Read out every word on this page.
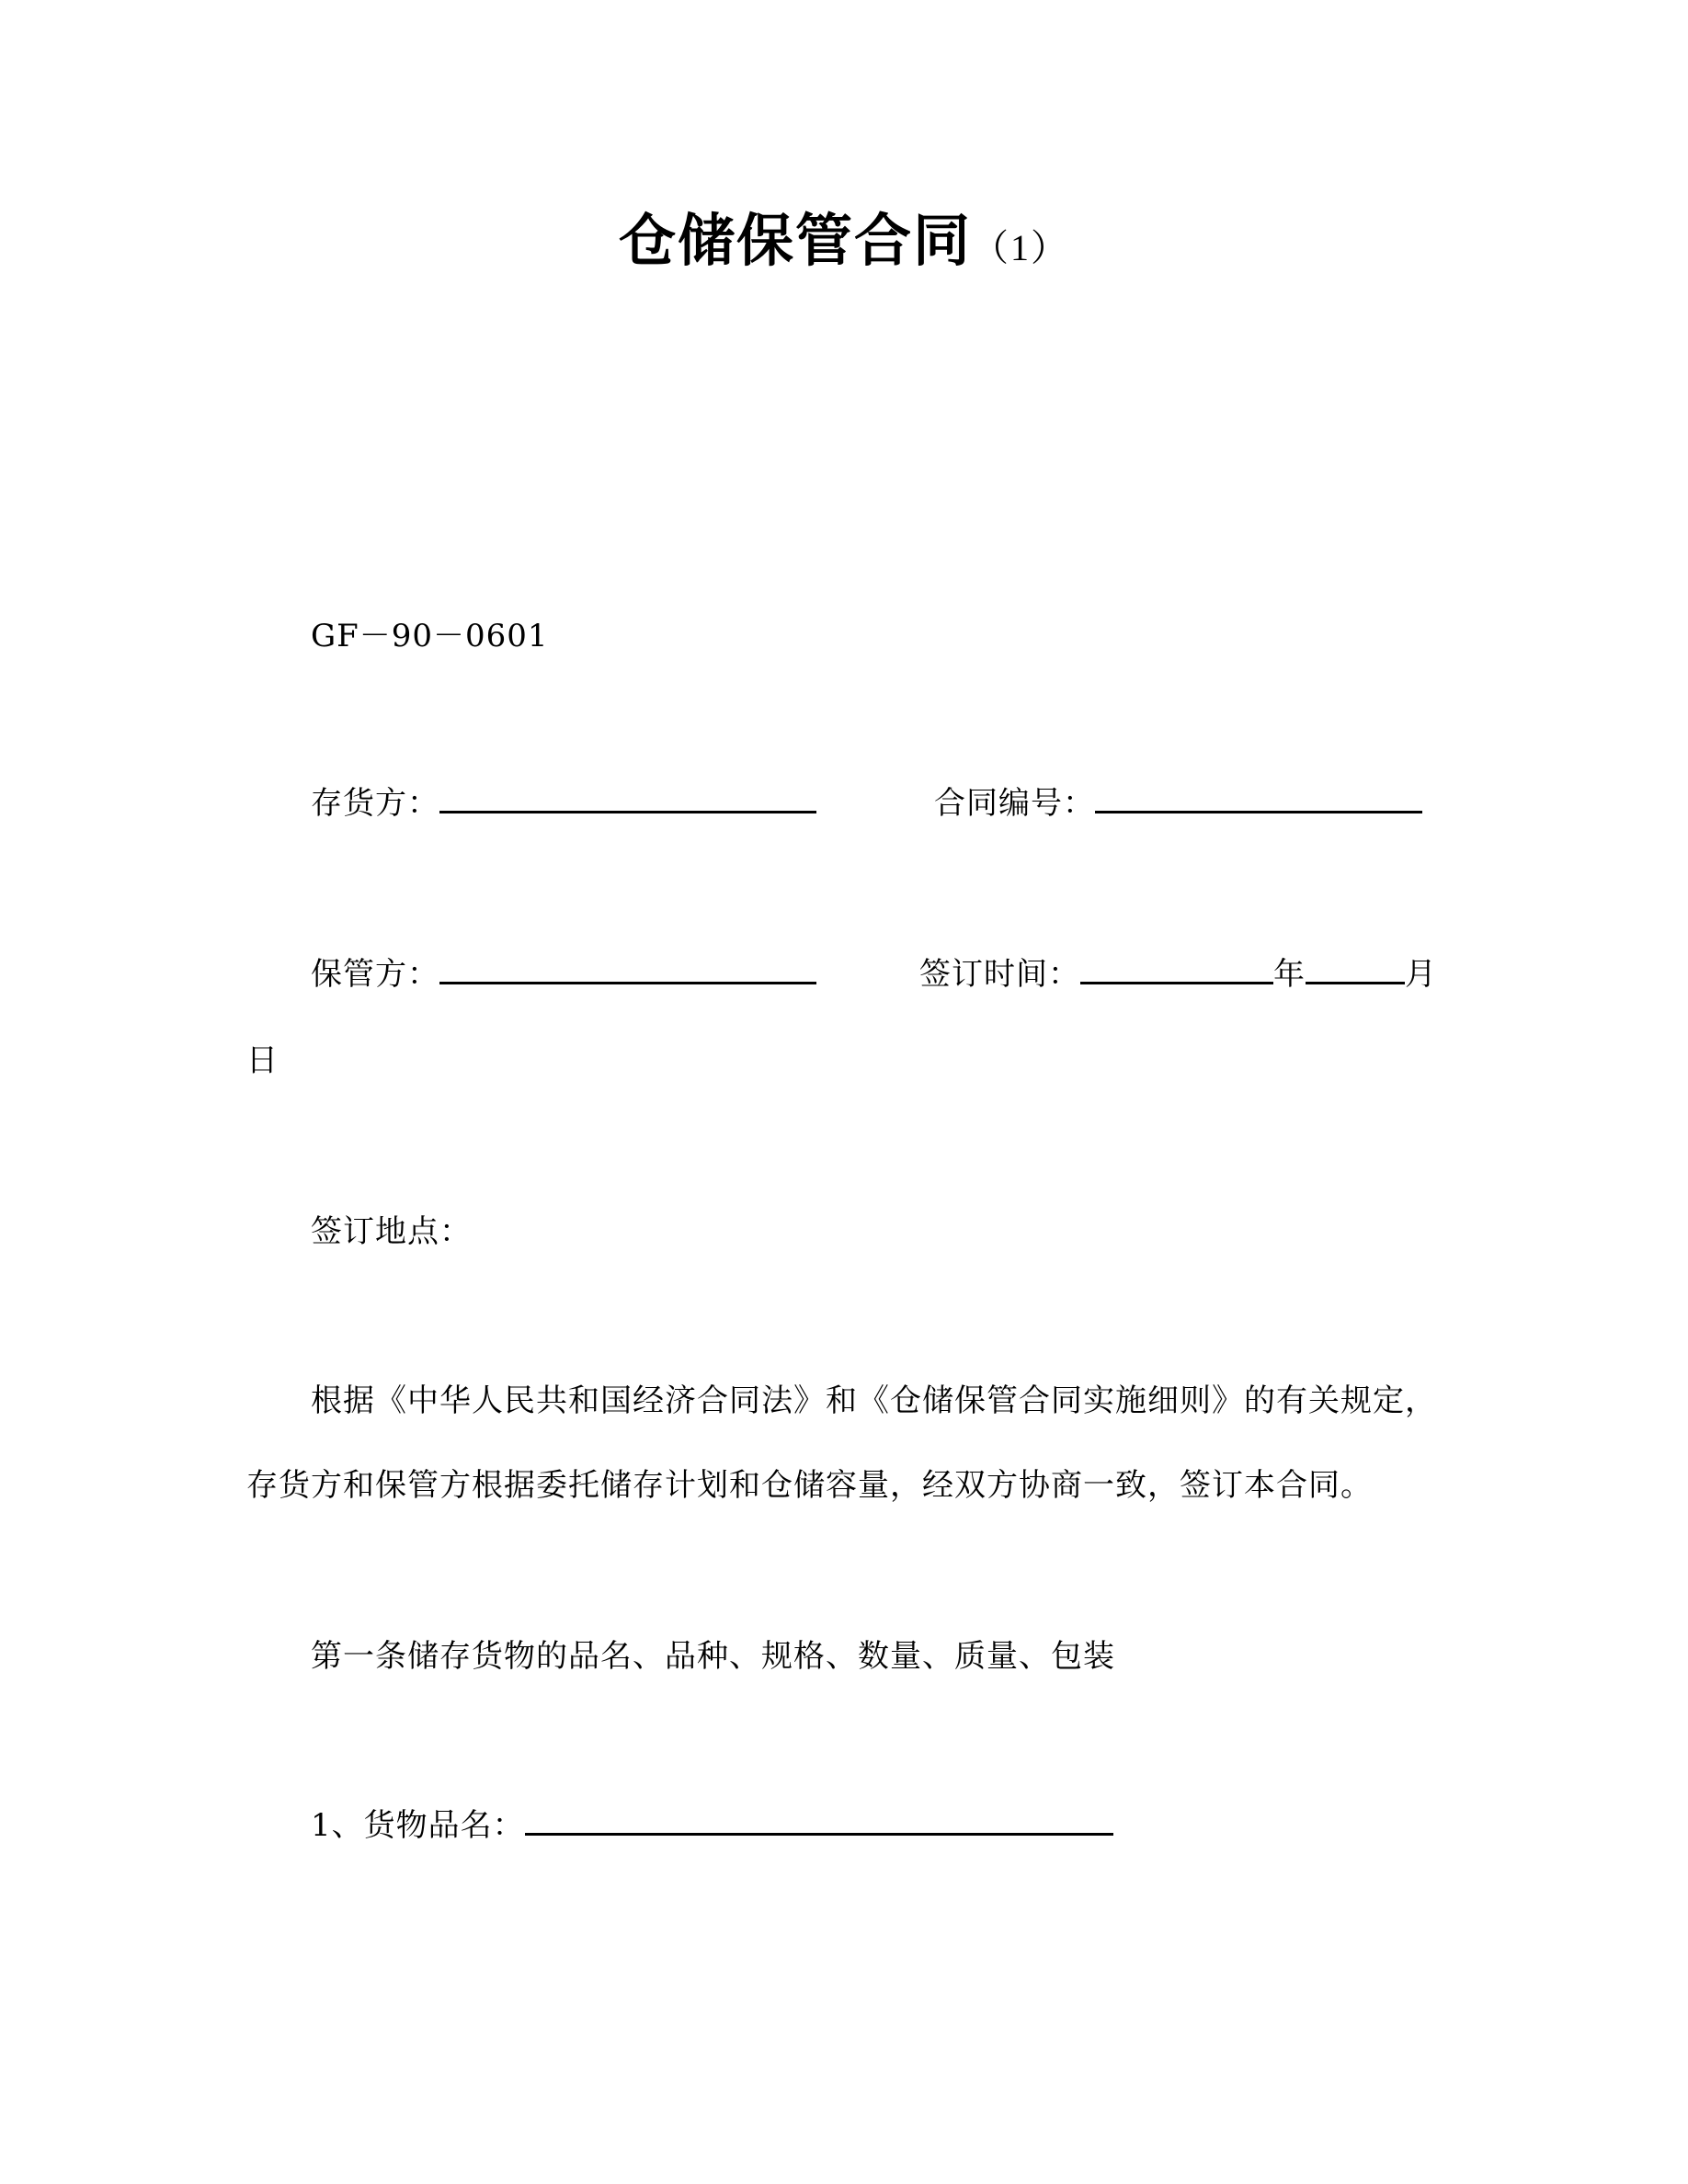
仓储保管合同（1）
GF－90－0601
存货方：	合同编号：
保管方：	签订时间：	年	月
日
签订地点：
根据《中华人民共和国经济合同法》和《仓储保管合同实施细则》的有关规定，
存货方和保管方根据委托储存计划和仓储容量，经双方协商一致，签订本合同。
第一条储存货物的品名、品种、规格、数量、质量、包装
1、货物品名：
